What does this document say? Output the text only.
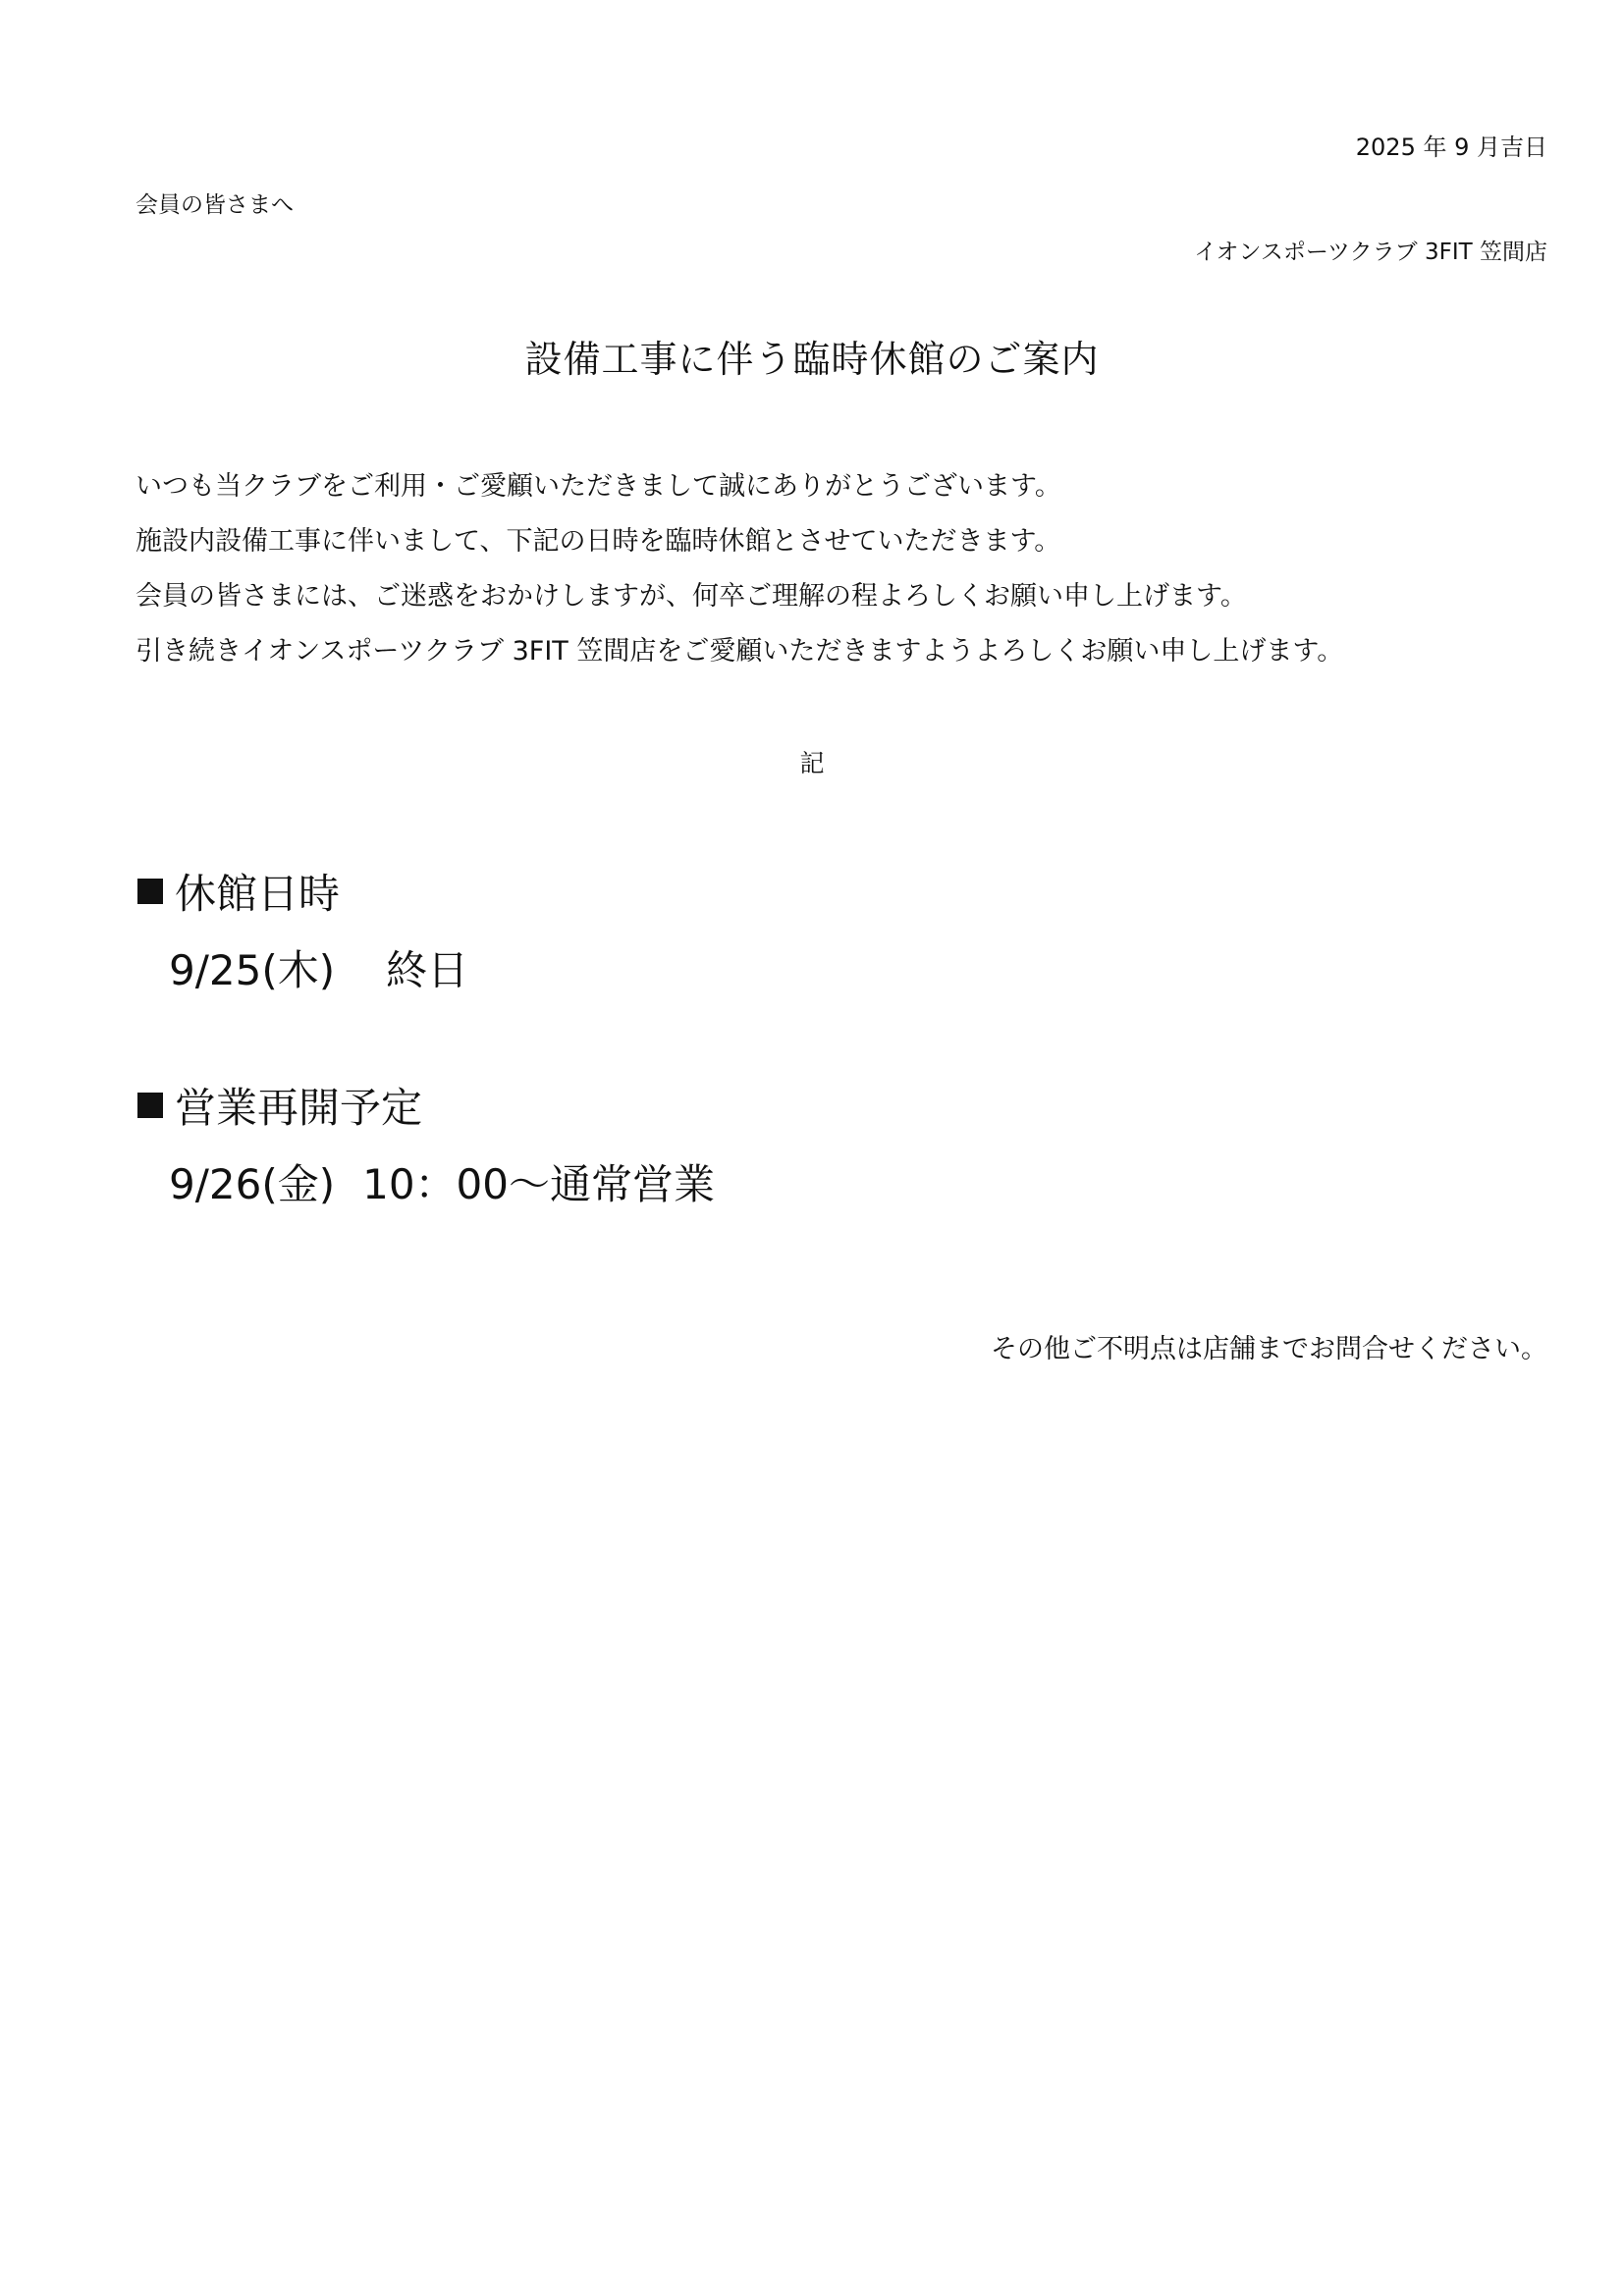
2025 年 9 月吉日
会員の皆さまへ
イオンスポーツクラブ 3FIT 笠間店
設備工事に伴う臨時休館のご案内
いつも当クラブをご利用・ご愛顧いただきまして誠にありがとうございます。
施設内設備工事に伴いまして、下記の日時を臨時休館とさせていただきます。
会員の皆さまには、ご迷惑をおかけしますが、何卒ご理解の程よろしくお願い申し上げます。
引き続きイオンスポーツクラブ 3FIT 笠間店をご愛顧いただきますようよろしくお願い申し上げます。
記
休館日時
9/25(木) 終日
営業再開予定
9/26(金) 10：00～通常営業
その他ご不明点は店舗までお問合せください。
